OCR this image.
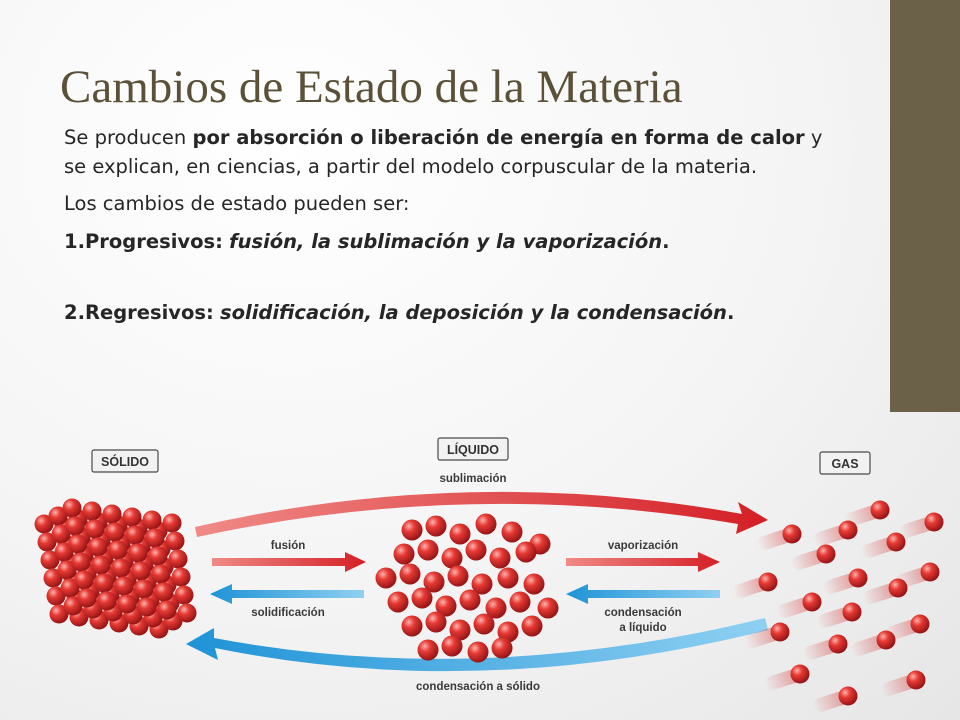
Cambios de Estado de la Materia

Se producen por absorción o liberación de energía en forma de calor y se explican, en ciencias, a partir del modelo corpuscular de la materia.

Los cambios de estado pueden ser:

1.Progresivos: fusión, la sublimación y la vaporización.

2.Regresivos: solidificación, la deposición y la condensación.

SÓLIDO
LÍQUIDO
GAS
sublimación
fusión	vaporización
solidificación	condensación
a líquido
condensación a sólido
